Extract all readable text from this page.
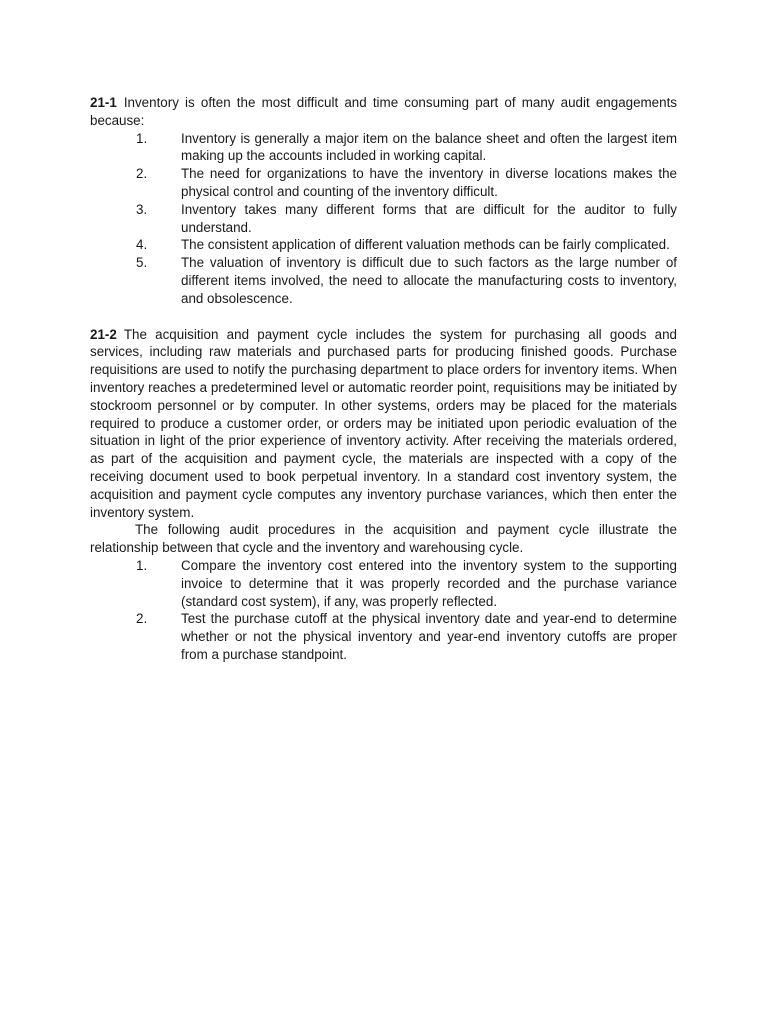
21-1 Inventory is often the most difficult and time consuming part of many audit engagements because:

1.	Inventory is generally a major item on the balance sheet and often the largest item making up the accounts included in working capital.
2.	The need for organizations to have the inventory in diverse locations makes the physical control and counting of the inventory difficult.
3.	Inventory takes many different forms that are difficult for the auditor to fully understand.
4.	The consistent application of different valuation methods can be fairly complicated.
5.	The valuation of inventory is difficult due to such factors as the large number of different items involved, the need to allocate the manufacturing costs to inventory, and obsolescence.

21-2 The acquisition and payment cycle includes the system for purchasing all goods and services, including raw materials and purchased parts for producing finished goods. Purchase requisitions are used to notify the purchasing department to place orders for inventory items. When inventory reaches a predetermined level or automatic reorder point, requisitions may be initiated by stockroom personnel or by computer. In other systems, orders may be placed for the materials required to produce a customer order, or orders may be initiated upon periodic evaluation of the situation in light of the prior experience of inventory activity. After receiving the materials ordered, as part of the acquisition and payment cycle, the materials are inspected with a copy of the receiving document used to book perpetual inventory. In a standard cost inventory system, the acquisition and payment cycle computes any inventory purchase variances, which then enter the inventory system.

The following audit procedures in the acquisition and payment cycle illustrate the relationship between that cycle and the inventory and warehousing cycle.

1.	Compare the inventory cost entered into the inventory system to the supporting invoice to determine that it was properly recorded and the purchase variance (standard cost system), if any, was properly reflected.
2.	Test the purchase cutoff at the physical inventory date and year-end to determine whether or not the physical inventory and year-end inventory cutoffs are proper from a purchase standpoint.
